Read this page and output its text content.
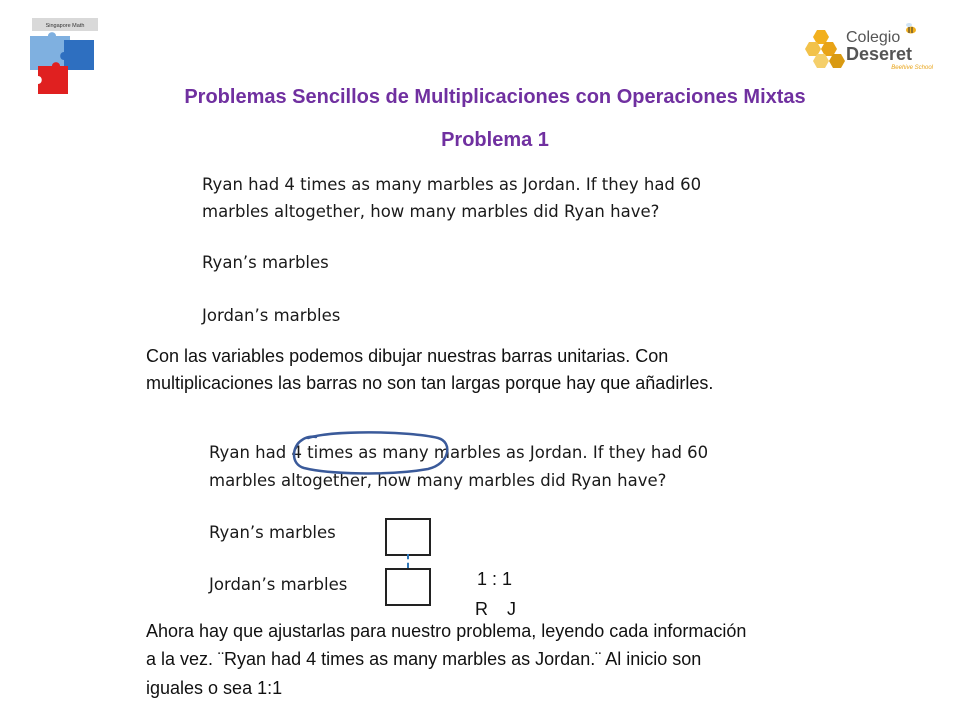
Singapore Math
Colegio
Deseret
Beehive School
Problemas Sencillos de Multiplicaciones con Operaciones Mixtas
Problema 1
Ryan had 4 times as many marbles as Jordan. If they had 60
marbles altogether, how many marbles did Ryan have?
Ryan’s marbles
Jordan’s marbles
Con las variables podemos dibujar nuestras barras unitarias. Con
multiplicaciones las barras no son tan largas porque hay que añadirles.
Ryan had 4 times as many marbles as Jordan. If they had 60
marbles altogether, how many marbles did Ryan have?
Ryan’s marbles
Jordan’s marbles	1 : 1
R J
Ahora hay que ajustarlas para nuestro problema, leyendo cada información
a la vez. ¨Ryan had 4 times as many marbles as Jordan.¨ Al inicio son
iguales o sea 1:1
